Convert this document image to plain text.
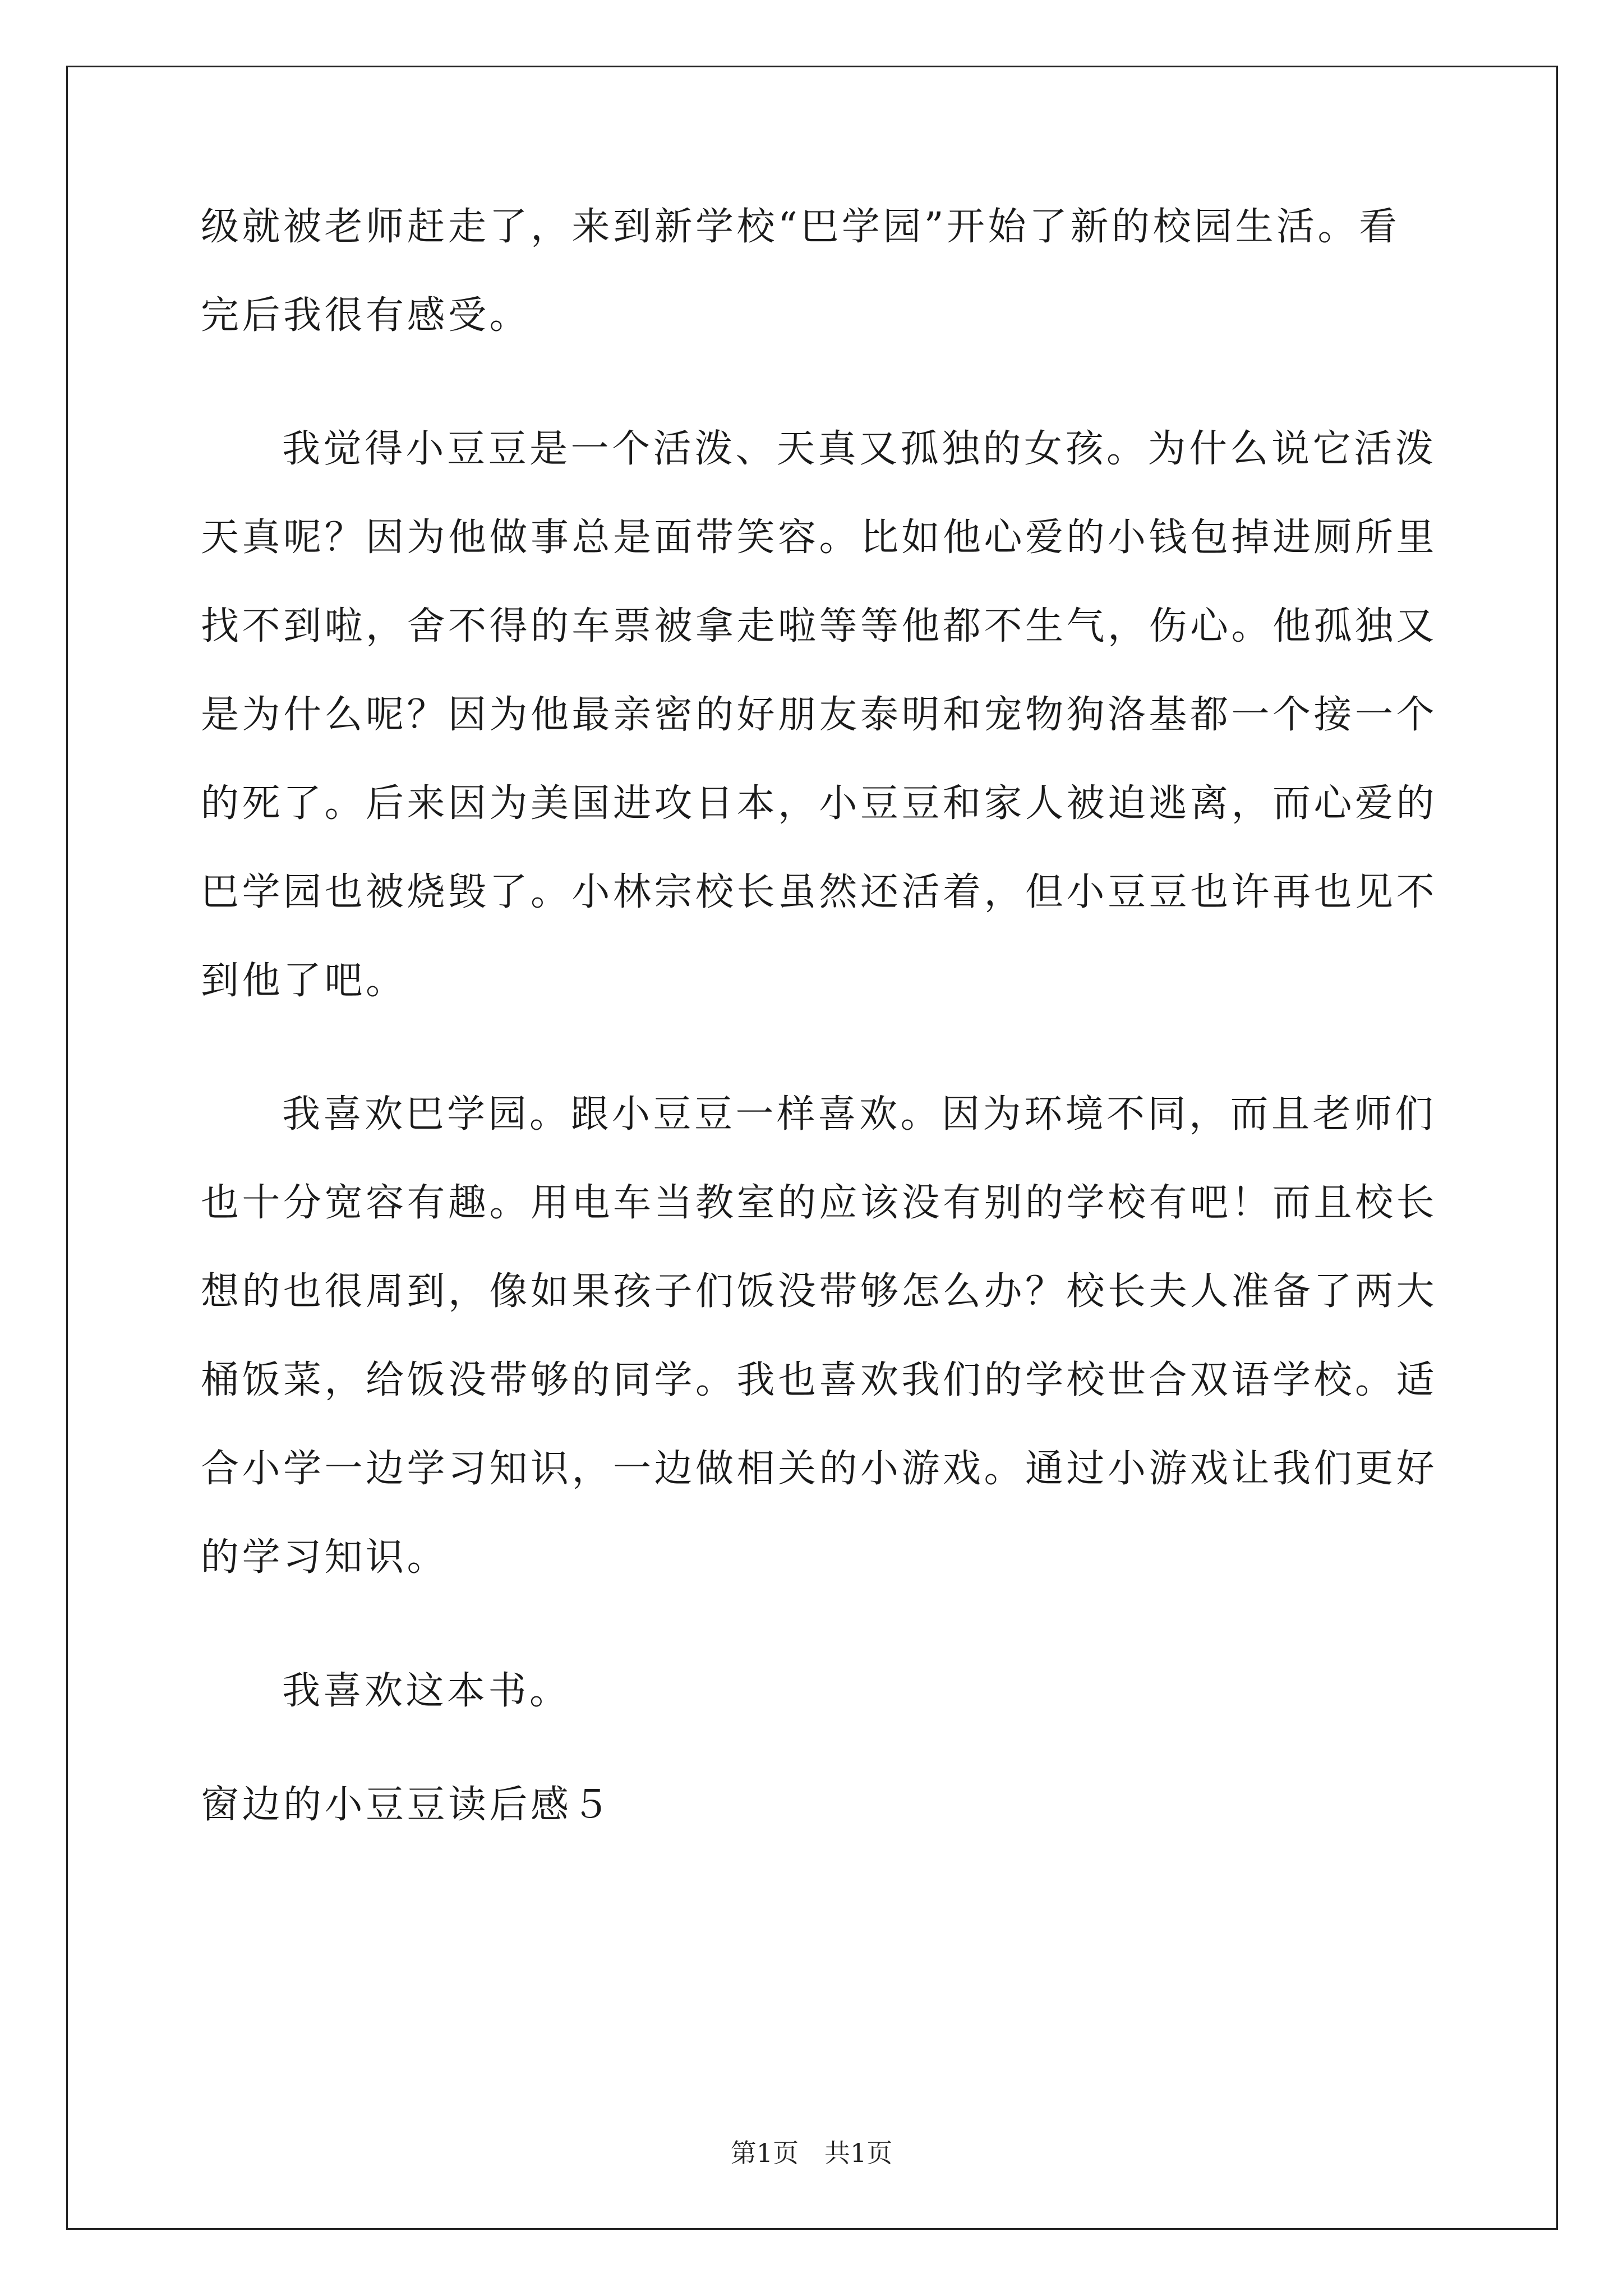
级就被老师赶走了，来到新学校“巴学园”开始了新的校园生活。看
完后我很有感受。
我觉得小豆豆是一个活泼、天真又孤独的女孩。为什么说它活泼
天真呢？因为他做事总是面带笑容。比如他心爱的小钱包掉进厕所里
找不到啦，舍不得的车票被拿走啦等等他都不生气，伤心。他孤独又
是为什么呢？因为他最亲密的好朋友泰明和宠物狗洛基都一个接一个
的死了。后来因为美国进攻日本，小豆豆和家人被迫逃离，而心爱的
巴学园也被烧毁了。小林宗校长虽然还活着，但小豆豆也许再也见不
到他了吧。
我喜欢巴学园。跟小豆豆一样喜欢。因为环境不同，而且老师们
也十分宽容有趣。用电车当教室的应该没有别的学校有吧！而且校长
想的也很周到，像如果孩子们饭没带够怎么办？校长夫人准备了两大
桶饭菜，给饭没带够的同学。我也喜欢我们的学校世合双语学校。适
合小学一边学习知识，一边做相关的小游戏。通过小游戏让我们更好
的学习知识。
我喜欢这本书。
窗边的小豆豆读后感５
第1页　共1页
